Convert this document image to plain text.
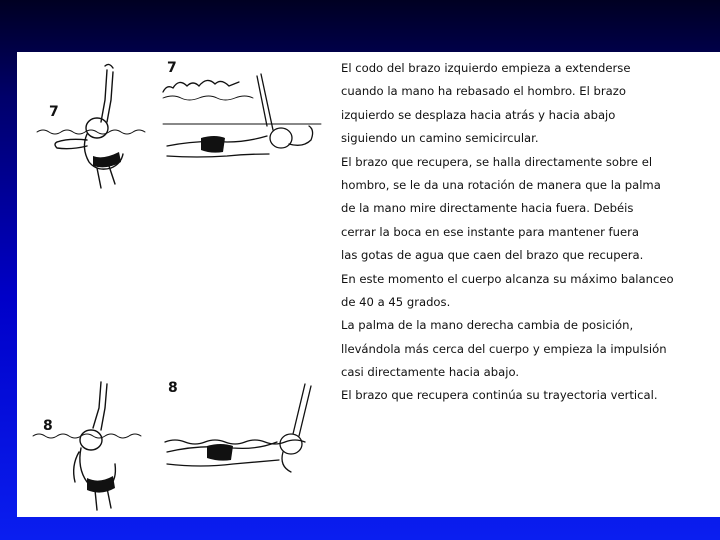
7
7
8
8
El codo del brazo izquierdo empieza a extenderse
cuando la mano ha rebasado el hombro. El brazo
izquierdo se desplaza hacia atrás y hacia abajo
siguiendo un camino semicircular.
El brazo que recupera, se halla directamente sobre el
hombro, se le da una rotación de manera que la palma
de la mano mire directamente hacia fuera. Debéis
cerrar la boca en ese instante para mantener fuera
las gotas de agua que caen del brazo que recupera.
En este momento el cuerpo alcanza su máximo balanceo
de 40 a 45 grados.
La palma de la mano derecha cambia de posición,
llevándola más cerca del cuerpo y empieza la impulsión
casi directamente hacia abajo.
El brazo que recupera continúa su trayectoria vertical.
